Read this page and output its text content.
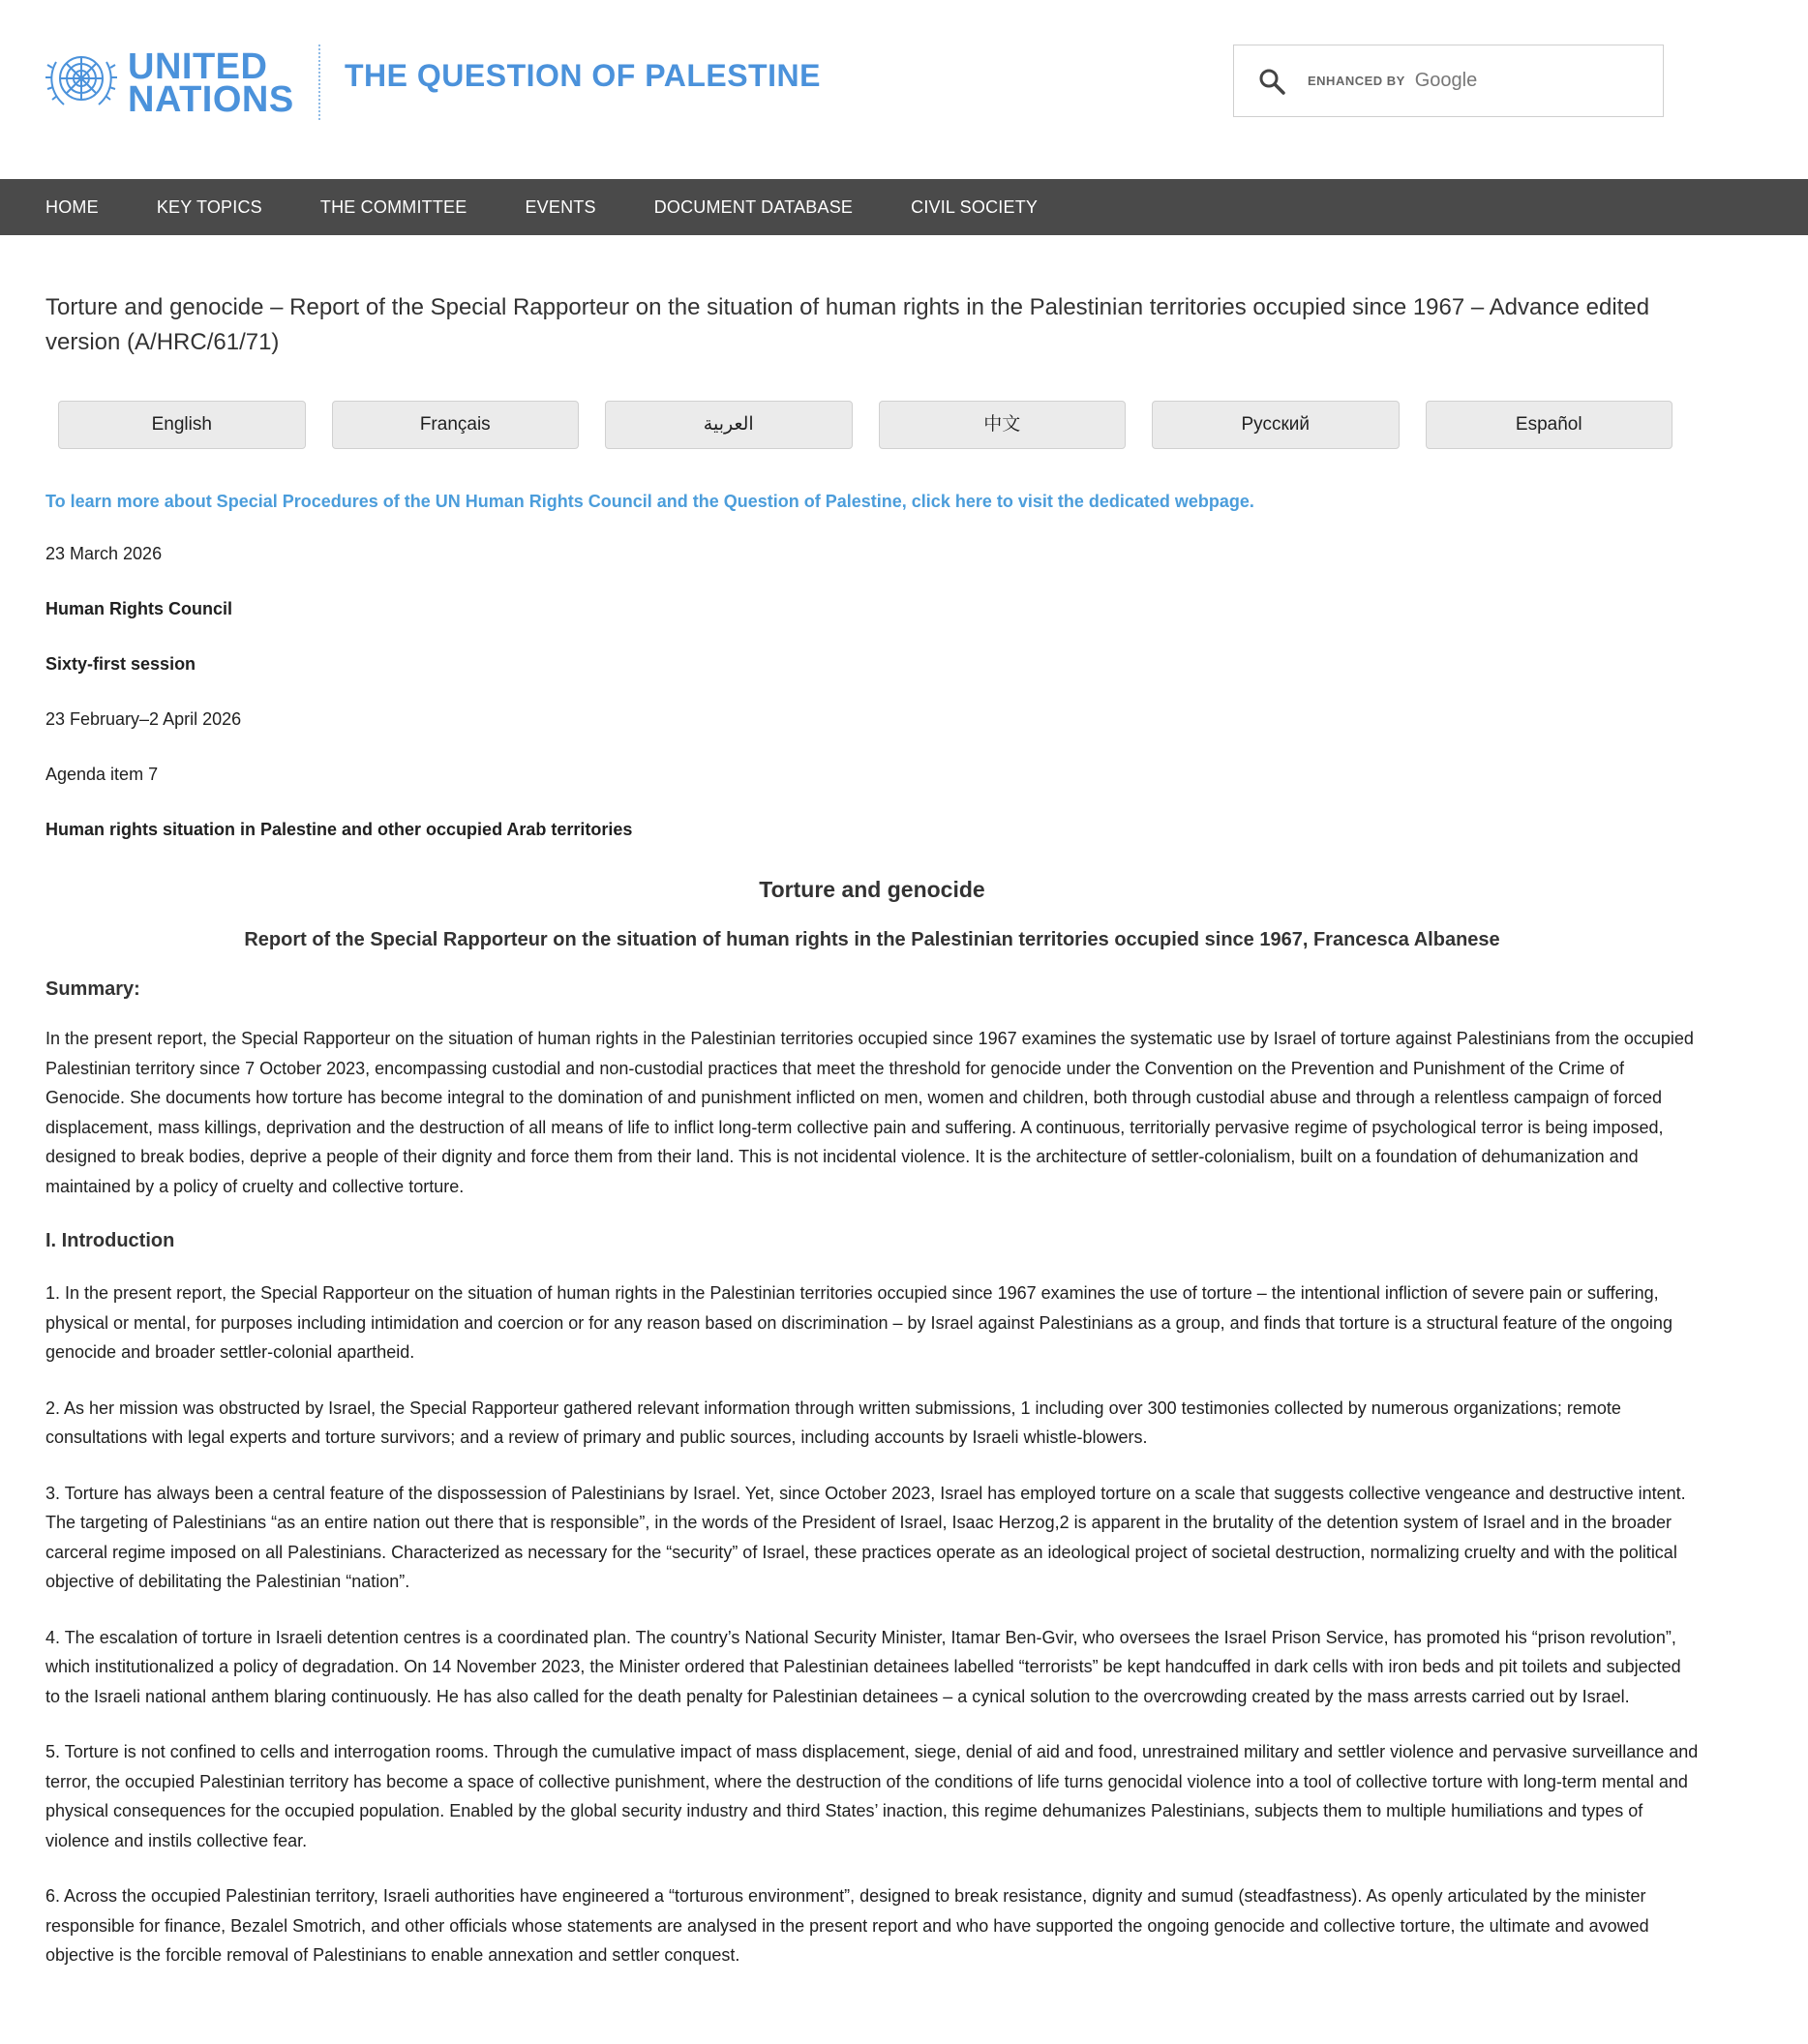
UNITED
NATIONS
THE QUESTION OF PALESTINE	ENHANCED BY Google
HOME	KEY TOPICS	THE COMMITTEE	EVENTS	DOCUMENT DATABASE	CIVIL SOCIETY
Torture and genocide – Report of the Special Rapporteur on the situation of human rights in the Palestinian territories occupied since 1967 – Advance edited version (A/HRC/61/71)
English	Français	العربية	中文	Русский	Español
To learn more about Special Procedures of the UN Human Rights Council and the Question of Palestine, click here to visit the dedicated webpage.

23 March 2026

Human Rights Council

Sixty-first session

23 February–2 April 2026

Agenda item 7

Human rights situation in Palestine and other occupied Arab territories

Torture and genocide
Report of the Special Rapporteur on the situation of human rights in the Palestinian territories occupied since 1967, Francesca Albanese
Summary:
In the present report, the Special Rapporteur on the situation of human rights in the Palestinian territories occupied since 1967 examines the systematic use by Israel of torture against Palestinians from the occupied Palestinian territory since 7 October 2023, encompassing custodial and non-custodial practices that meet the threshold for genocide under the Convention on the Prevention and Punishment of the Crime of Genocide. She documents how torture has become integral to the domination of and punishment inflicted on men, women and children, both through custodial abuse and through a relentless campaign of forced displacement, mass killings, deprivation and the destruction of all means of life to inflict long-term collective pain and suffering. A continuous, territorially pervasive regime of psychological terror is being imposed, designed to break bodies, deprive a people of their dignity and force them from their land. This is not incidental violence. It is the architecture of settler-colonialism, built on a foundation of dehumanization and maintained by a policy of cruelty and collective torture.
I. Introduction
1. In the present report, the Special Rapporteur on the situation of human rights in the Palestinian territories occupied since 1967 examines the use of torture – the intentional infliction of severe pain or suffering, physical or mental, for purposes including intimidation and coercion or for any reason based on discrimination – by Israel against Palestinians as a group, and finds that torture is a structural feature of the ongoing genocide and broader settler-colonial apartheid.
2. As her mission was obstructed by Israel, the Special Rapporteur gathered relevant information through written submissions, 1 including over 300 testimonies collected by numerous organizations; remote consultations with legal experts and torture survivors; and a review of primary and public sources, including accounts by Israeli whistle-blowers.
3. Torture has always been a central feature of the dispossession of Palestinians by Israel. Yet, since October 2023, Israel has employed torture on a scale that suggests collective vengeance and destructive intent. The targeting of Palestinians “as an entire nation out there that is responsible”, in the words of the President of Israel, Isaac Herzog,2 is apparent in the brutality of the detention system of Israel and in the broader carceral regime imposed on all Palestinians. Characterized as necessary for the “security” of Israel, these practices operate as an ideological project of societal destruction, normalizing cruelty and with the political objective of debilitating the Palestinian “nation”.
4. The escalation of torture in Israeli detention centres is a coordinated plan. The country’s National Security Minister, Itamar Ben-Gvir, who oversees the Israel Prison Service, has promoted his “prison revolution”, which institutionalized a policy of degradation. On 14 November 2023, the Minister ordered that Palestinian detainees labelled “terrorists” be kept handcuffed in dark cells with iron beds and pit toilets and subjected to the Israeli national anthem blaring continuously. He has also called for the death penalty for Palestinian detainees – a cynical solution to the overcrowding created by the mass arrests carried out by Israel.
5. Torture is not confined to cells and interrogation rooms. Through the cumulative impact of mass displacement, siege, denial of aid and food, unrestrained military and settler violence and pervasive surveillance and terror, the occupied Palestinian territory has become a space of collective punishment, where the destruction of the conditions of life turns genocidal violence into a tool of collective torture with long-term mental and physical consequences for the occupied population. Enabled by the global security industry and third States’ inaction, this regime dehumanizes Palestinians, subjects them to multiple humiliations and types of violence and instils collective fear.
6. Across the occupied Palestinian territory, Israeli authorities have engineered a “torturous environment”, designed to break resistance, dignity and sumud (steadfastness). As openly articulated by the minister responsible for finance, Bezalel Smotrich, and other officials whose statements are analysed in the present report and who have supported the ongoing genocide and collective torture, the ultimate and avowed objective is the forcible removal of Palestinians to enable annexation and settler conquest.
